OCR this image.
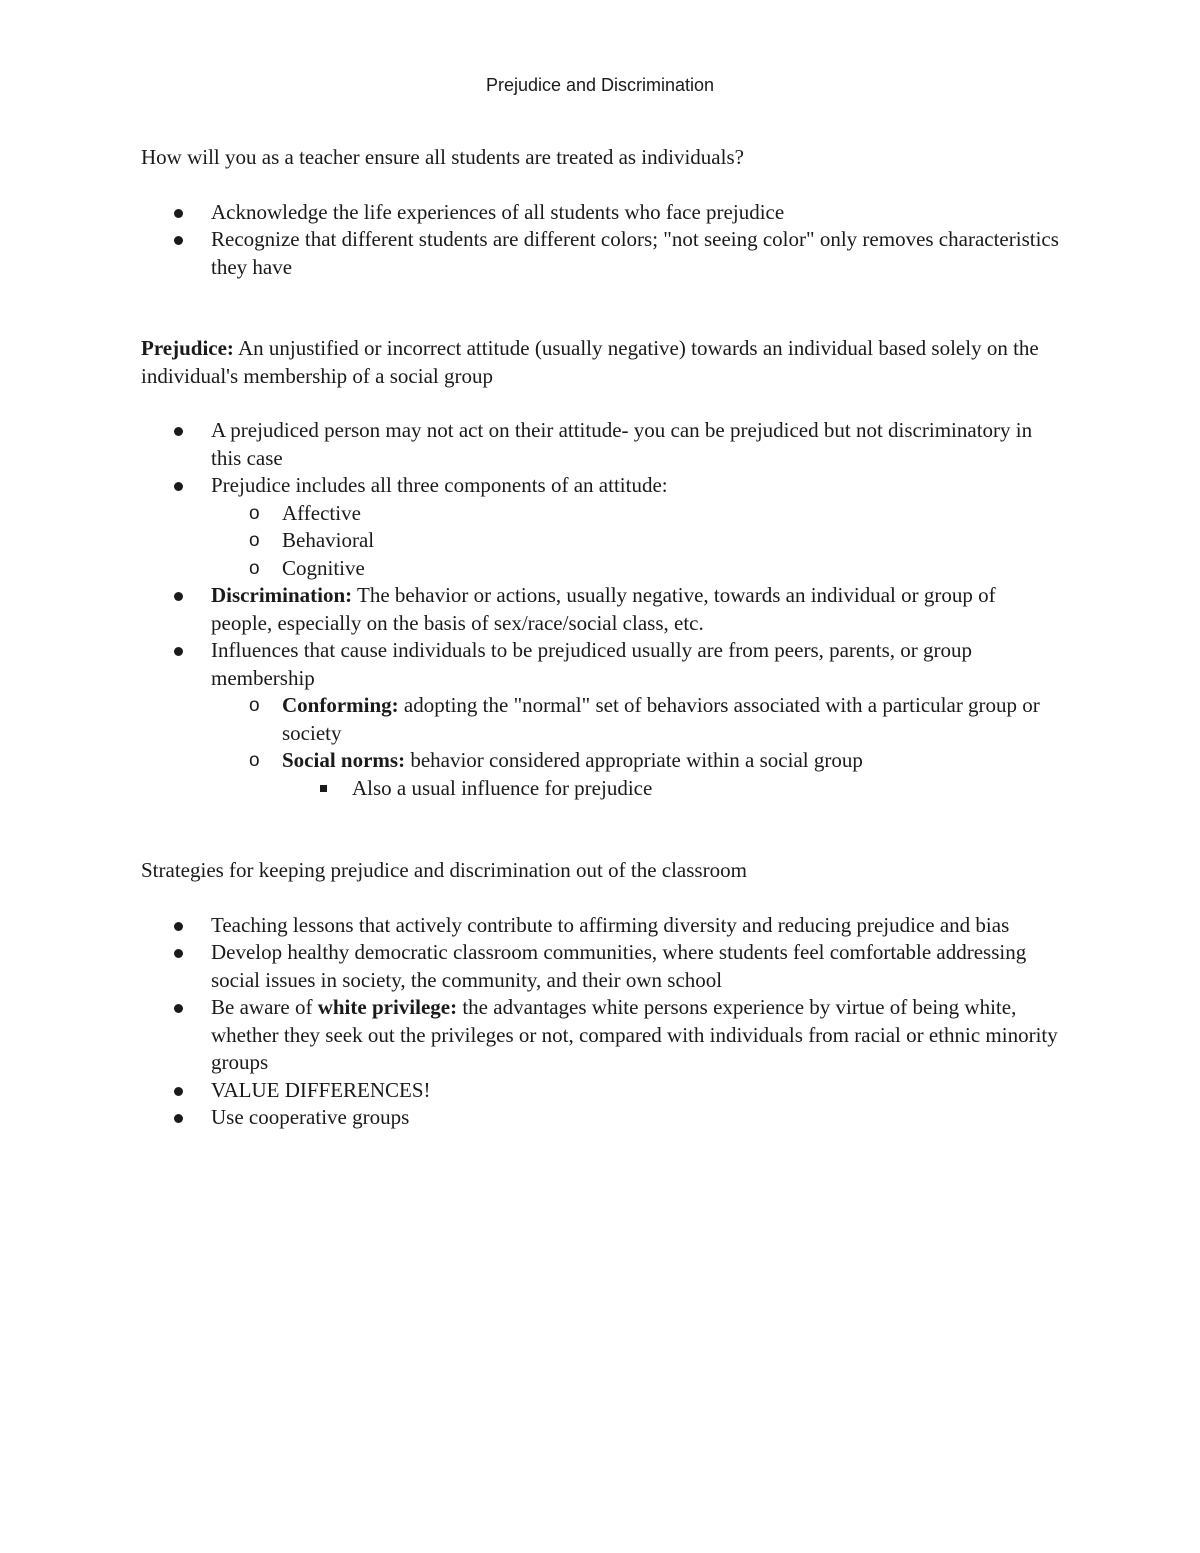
Prejudice and Discrimination

How will you as a teacher ensure all students are treated as individuals?

Acknowledge the life experiences of all students who face prejudice
Recognize that different students are different colors; "not seeing color" only removes characteristics they have

Prejudice: An unjustified or incorrect attitude (usually negative) towards an individual based solely on the individual's membership of a social group

A prejudiced person may not act on their attitude- you can be prejudiced but not discriminatory in this case
Prejudice includes all three components of an attitude:
o Affective
o Behavioral
o Cognitive
Discrimination: The behavior or actions, usually negative, towards an individual or group of people, especially on the basis of sex/race/social class, etc.
Influences that cause individuals to be prejudiced usually are from peers, parents, or group membership
o Conforming: adopting the "normal" set of behaviors associated with a particular group or society
o Social norms: behavior considered appropriate within a social group
Also a usual influence for prejudice

Strategies for keeping prejudice and discrimination out of the classroom

Teaching lessons that actively contribute to affirming diversity and reducing prejudice and bias
Develop healthy democratic classroom communities, where students feel comfortable addressing social issues in society, the community, and their own school
Be aware of white privilege: the advantages white persons experience by virtue of being white, whether they seek out the privileges or not, compared with individuals from racial or ethnic minority groups
VALUE DIFFERENCES!
Use cooperative groups
